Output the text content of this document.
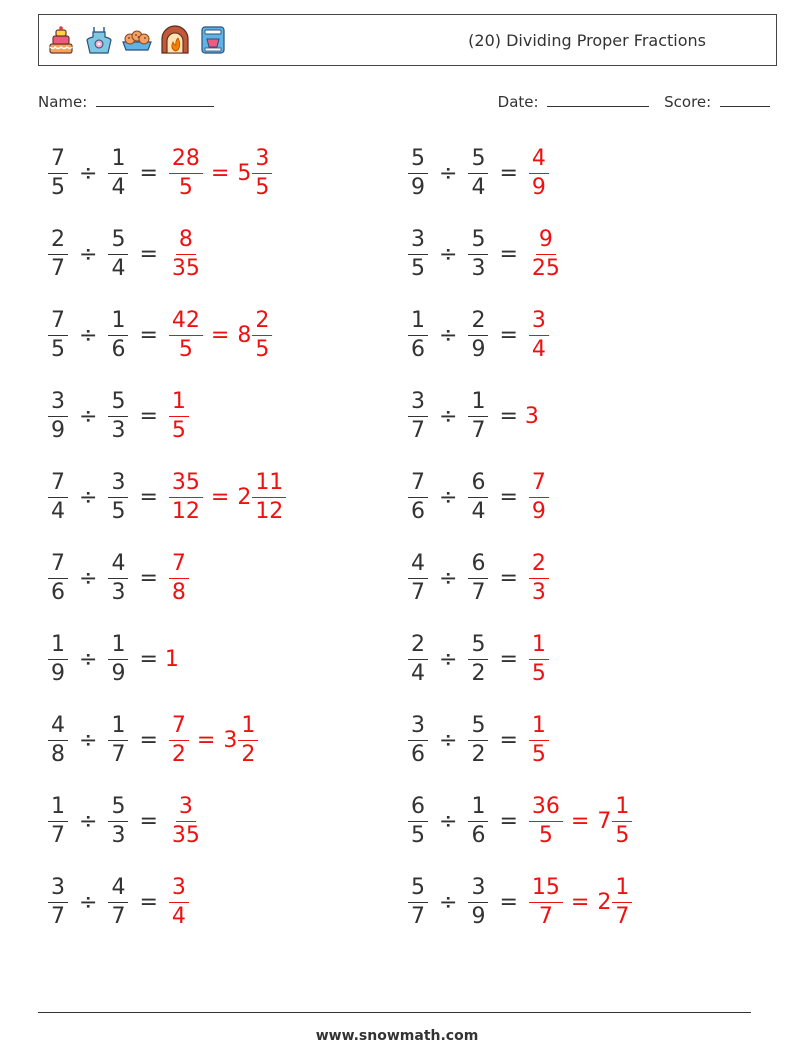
(20) Dividing Proper Fractions
Name:	Date:	Score:
$\frac{7}{5} \div \frac{1}{4} = \frac{28}{5} = 5 \frac{3}{5}$	$\frac{5}{9} \div \frac{5}{4} = \frac{4}{9}$
$\frac{2}{7} \div \frac{5}{4} = \frac{8}{35}$	$\frac{3}{5} \div \frac{5}{3} = \frac{9}{25}$
$\frac{7}{5} \div \frac{1}{6} = \frac{42}{5} = 8 \frac{2}{5}$	$\frac{1}{6} \div \frac{2}{9} = \frac{3}{4}$
$\frac{3}{9} \div \frac{5}{3} = \frac{1}{5}$	$\frac{3}{7} \div \frac{1}{7} = 3$
$\frac{7}{4} \div \frac{3}{5} = \frac{35}{12} = 2 \frac{11}{12}$	$\frac{7}{6} \div \frac{6}{4} = \frac{7}{9}$
$\frac{7}{6} \div \frac{4}{3} = \frac{7}{8}$	$\frac{4}{7} \div \frac{6}{7} = \frac{2}{3}$
$\frac{1}{9} \div \frac{1}{9} = 1$	$\frac{2}{4} \div \frac{5}{2} = \frac{1}{5}$
$\frac{4}{8} \div \frac{1}{7} = \frac{7}{2} = 3 \frac{1}{2}$	$\frac{3}{6} \div \frac{5}{2} = \frac{1}{5}$
$\frac{1}{7} \div \frac{5}{3} = \frac{3}{35}$	$\frac{6}{5} \div \frac{1}{6} = \frac{36}{5} = 7 \frac{1}{5}$
$\frac{3}{7} \div \frac{4}{7} = \frac{3}{4}$	$\frac{5}{7} \div \frac{3}{9} = \frac{15}{7} = 2 \frac{1}{7}$
www.snowmath.com
